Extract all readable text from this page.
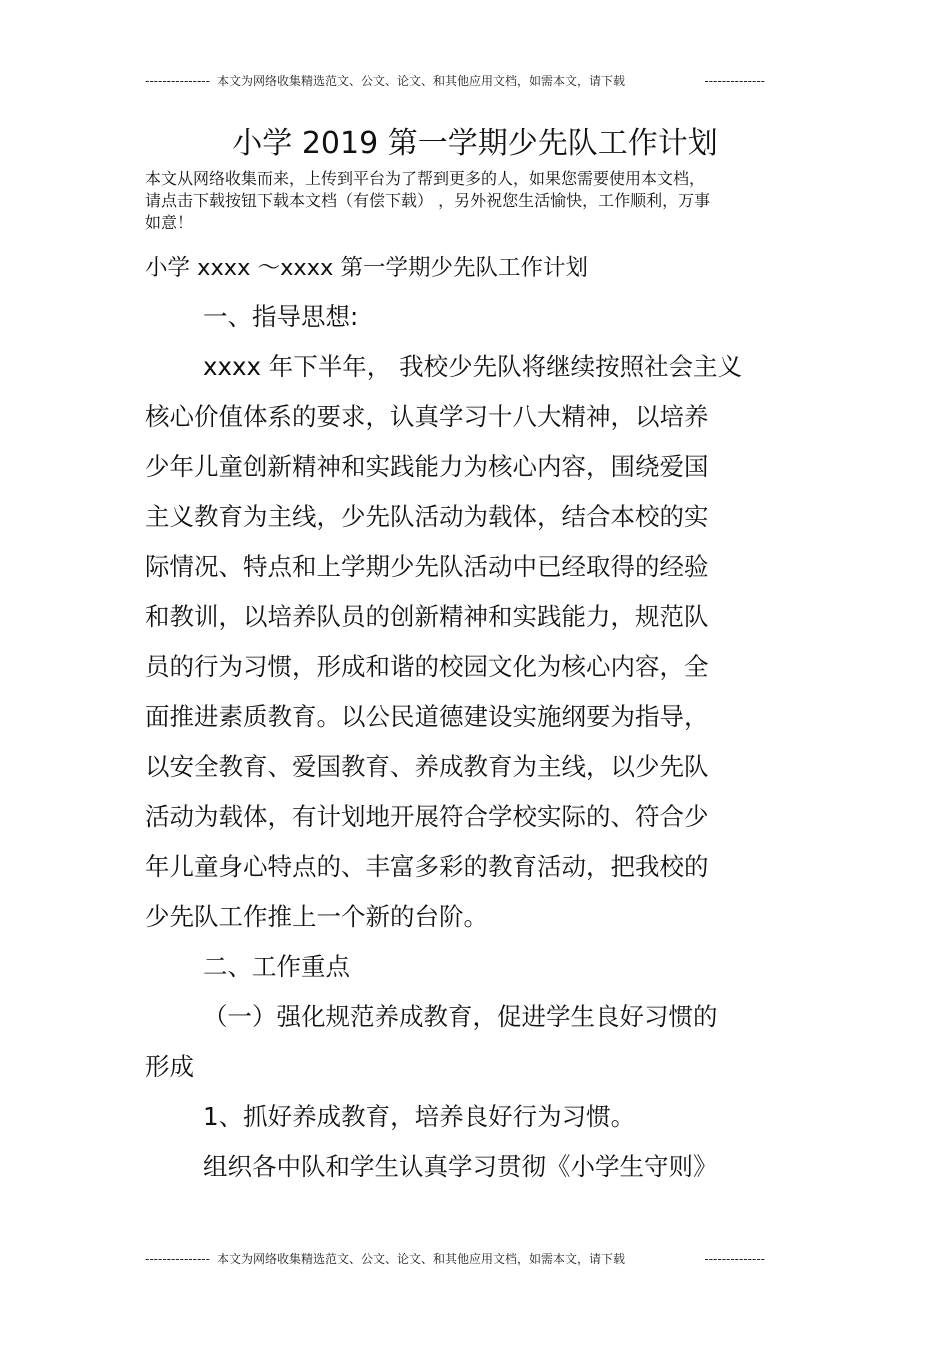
--------------- 本文为网络收集精选范文、公文、论文、和其他应用文档，如需本文，请下载	--------------
小学 2019 第一学期少先队工作计划
本文从网络收集而来，上传到平台为了帮到更多的人，如果您需要使用本文档，
请点击下载按钮下载本文档（有偿下载） ，另外祝您生活愉快，工作顺利，万事
如意！
小学 xxxx ～xxxx 第一学期少先队工作计划
一、指导思想:
xxxx 年下半年， 我校少先队将继续按照社会主义
核心价值体系的要求，认真学习十八大精神，以培养
少年儿童创新精神和实践能力为核心内容，围绕爱国
主义教育为主线，少先队活动为载体，结合本校的实
际情况、特点和上学期少先队活动中已经取得的经验
和教训，以培养队员的创新精神和实践能力，规范队
员的行为习惯，形成和谐的校园文化为核心内容，全
面推进素质教育。以公民道德建设实施纲要为指导，
以安全教育、爱国教育、养成教育为主线，以少先队
活动为载体，有计划地开展符合学校实际的、符合少
年儿童身心特点的、丰富多彩的教育活动，把我校的
少先队工作推上一个新的台阶。
二、工作重点
（一）强化规范养成教育，促进学生良好习惯的
形成
1、抓好养成教育，培养良好行为习惯。
组织各中队和学生认真学习贯彻《小学生守则》
--------------- 本文为网络收集精选范文、公文、论文、和其他应用文档，如需本文，请下载	--------------
